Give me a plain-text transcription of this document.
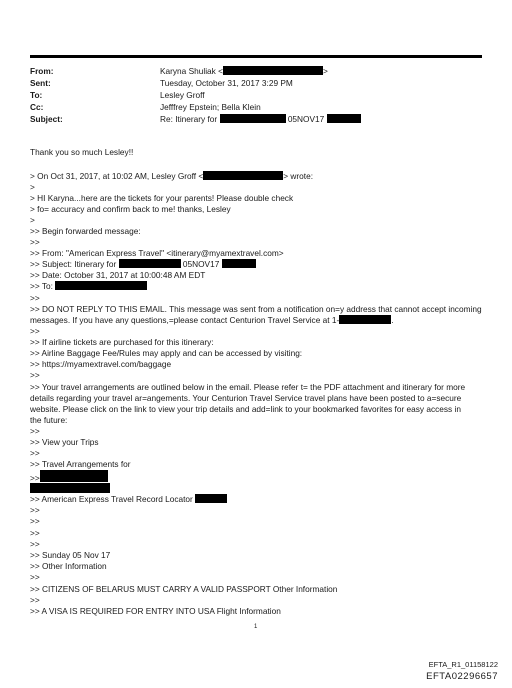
From:	Karyna Shuliak <	>
Sent:	Tuesday, October 31, 2017 3:29 PM
To:	Lesley Groff
Cc:	Jefffrey Epstein; Bella Klein
Subject:	Re: Itinerary for	05NOV17
Thank you so much Lesley!!
> On Oct 31, 2017, at 10:02 AM, Lesley Groff <	> wrote:
>
> HI Karyna...here are the tickets for your parents! Please double check
> fo= accuracy and confirm back to me! thanks, Lesley
>
>> Begin forwarded message:
>>
>> From: "American Express Travel" <itinerary@myamextravel.com>
>> Subject: Itinerary for	05NOV17
>> Date: October 31, 2017 at 10:00:48 AM EDT
>> To:
>>
>> DO NOT REPLY TO THIS EMAIL. This message was sent from a notification on=y address that cannot accept incoming
messages. If you have any questions,=please contact Centurion Travel Service at 1-	.
>>
>> If airline tickets are purchased for this itinerary:
>> Airline Baggage Fee/Rules may apply and can be accessed by visiting:
>> https://myamextravel.com/baggage
>>
>> Your travel arrangements are outlined below in the email. Please refer t= the PDF attachment and itinerary for more
details regarding your travel ar=angements. Your Centurion Travel Service travel plans have been posted to a=secure
website. Please click on the link to view your trip details and add=link to your bookmarked favorites for easy access in
the future:
>>
>> View your Trips
>>
>> Travel Arrangements for
>>
>> American Express Travel Record Locator
>>
>>
>>
>>
>> Sunday 05 Nov 17
>> Other Information
>>
>> CITIZENS OF BELARUS MUST CARRY A VALID PASSPORT Other Information
>>
>> A VISA IS REQUIRED FOR ENTRY INTO USA Flight Information
1
EFTA_R1_01158122
EFTA02296657
